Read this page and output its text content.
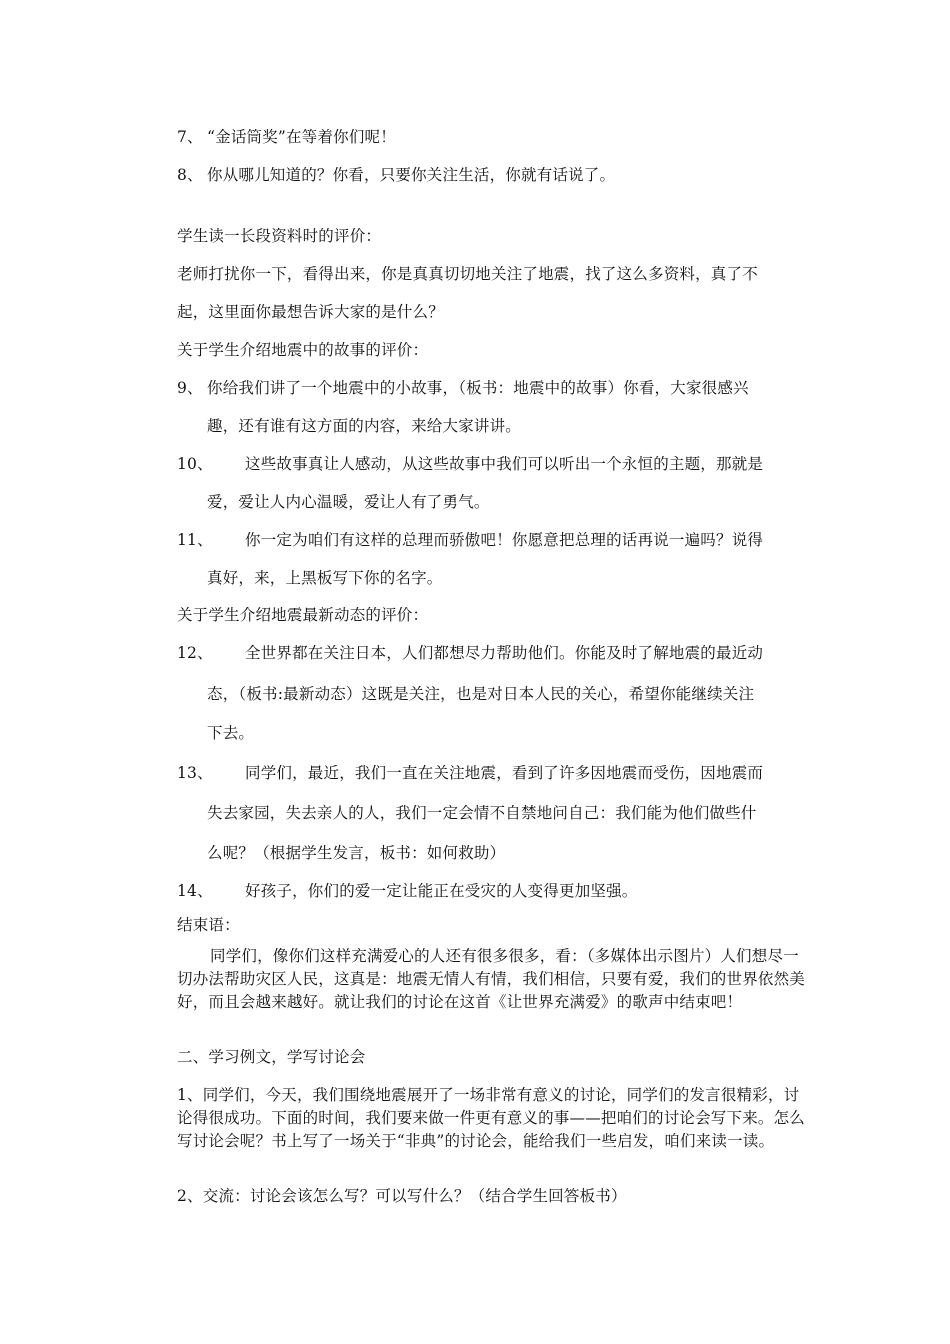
7、 “金话筒奖”在等着你们呢！
8、 你从哪儿知道的？你看，只要你关注生活，你就有话说了。
学生读一长段资料时的评价：
老师打扰你一下，看得出来，你是真真切切地关注了地震，找了这么多资料，真了不
起，这里面你最想告诉大家的是什么？
关于学生介绍地震中的故事的评价：
9、 你给我们讲了一个地震中的小故事，（板书：地震中的故事）你看，大家很感兴
趣，还有谁有这方面的内容，来给大家讲讲。
10、 这些故事真让人感动，从这些故事中我们可以听出一个永恒的主题，那就是
爱，爱让人内心温暖，爱让人有了勇气。
11、 你一定为咱们有这样的总理而骄傲吧！你愿意把总理的话再说一遍吗？说得
真好，来，上黑板写下你的名字。
关于学生介绍地震最新动态的评价：
12、 全世界都在关注日本，人们都想尽力帮助他们。你能及时了解地震的最近动
态，（板书:最新动态）这既是关注，也是对日本人民的关心，希望你能继续关注
下去。
13、 同学们，最近，我们一直在关注地震，看到了许多因地震而受伤，因地震而
失去家园，失去亲人的人，我们一定会情不自禁地问自己：我们能为他们做些什
么呢？（根据学生发言，板书：如何救助）
14、 好孩子，你们的爱一定让能正在受灾的人变得更加坚强。
结束语：

同学们，像你们这样充满爱心的人还有很多很多，看：（多媒体出示图片）人们想尽一切办法帮助灾区人民，这真是：地震无情人有情，我们相信，只要有爱，我们的世界依然美好，而且会越来越好。就让我们的讨论在这首《让世界充满爱》的歌声中结束吧！

二、学习例文，学写讨论会

1、同学们，今天，我们围绕地震展开了一场非常有意义的讨论，同学们的发言很精彩，讨论得很成功。下面的时间，我们要来做一件更有意义的事——把咱们的讨论会写下来。怎么写讨论会呢？书上写了一场关于“非典”的讨论会，能给我们一些启发，咱们来读一读。

2、交流：讨论会该怎么写？可以写什么？（结合学生回答板书）
